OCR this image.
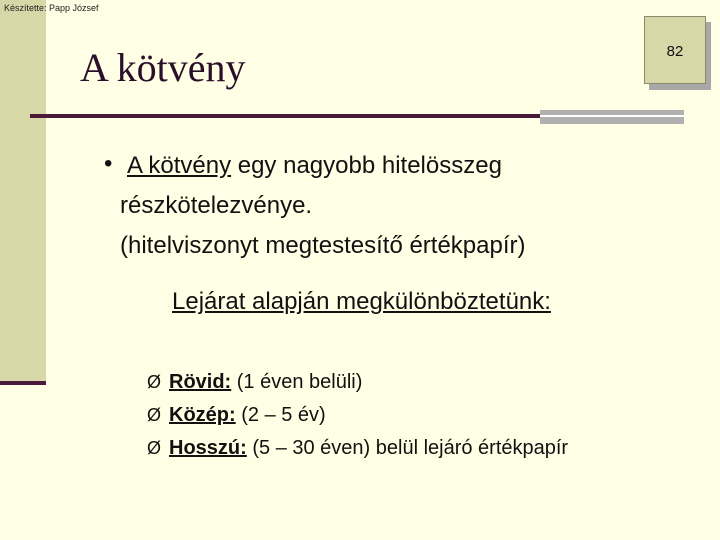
Készítette: Papp József
A kötvény	82
• A kötvény egy nagyobb hitelösszeg
részkötelezvénye.
(hitelviszonyt megtestesítő értékpapír)
Lejárat alapján megkülönböztetünk:
Ø Rövid: (1 éven belüli)
Ø Közép: (2 – 5 év)
Ø Hosszú: (5 – 30 éven) belül lejáró értékpapír
